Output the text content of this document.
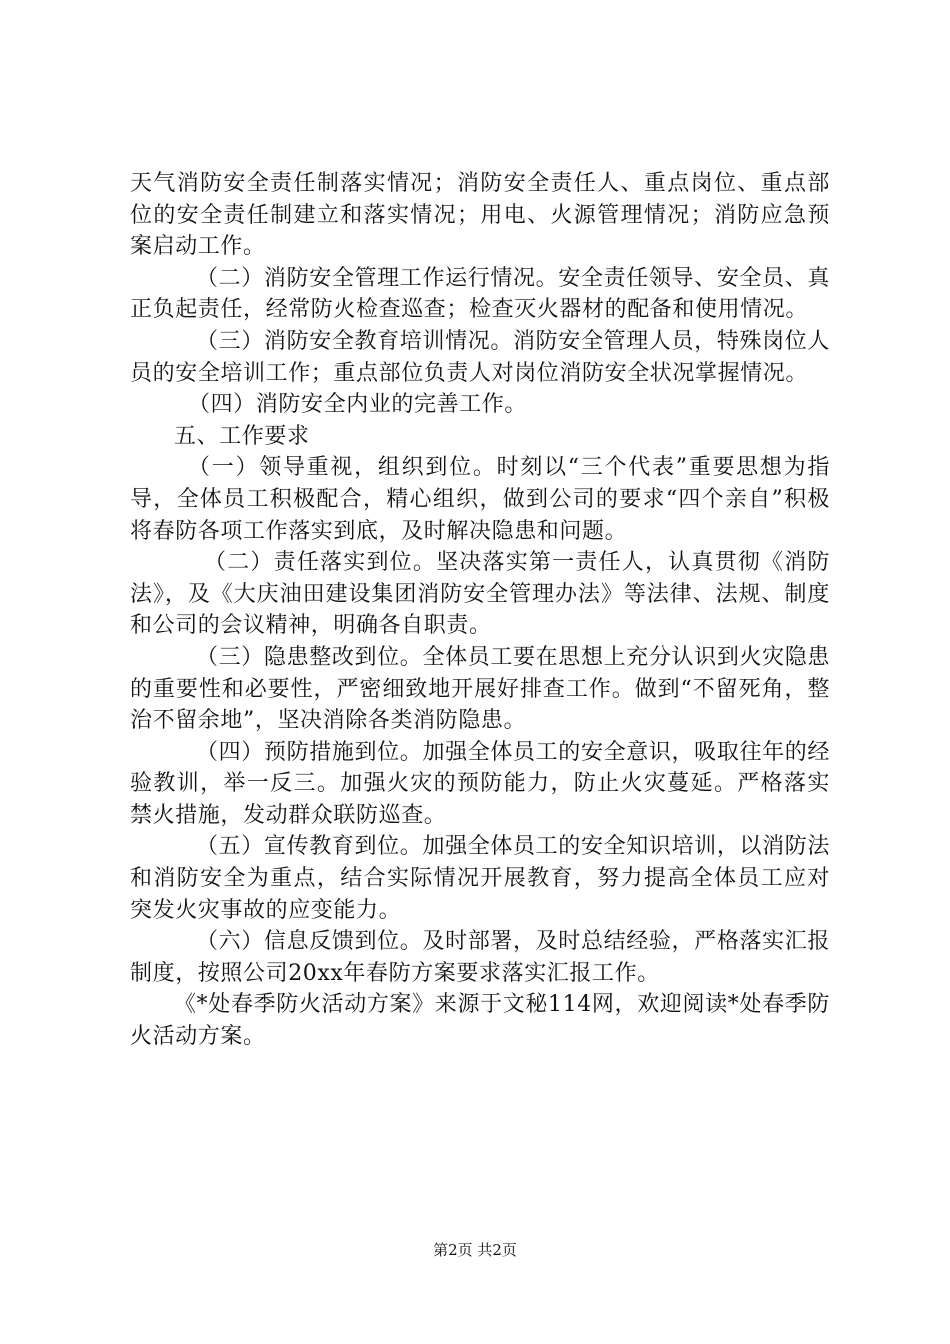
天气消防安全责任制落实情况；消防安全责任人、重点岗位、重点部位的安全责任制建立和落实情况；用电、火源管理情况；消防应急预案启动工作。

（二）消防安全管理工作运行情况。安全责任领导、安全员、真正负起责任，经常防火检查巡查；检查灭火器材的配备和使用情况。

（三）消防安全教育培训情况。消防安全管理人员，特殊岗位人员的安全培训工作；重点部位负责人对岗位消防安全状况掌握情况。

（四）消防安全内业的完善工作。

五、工作要求

（一）领导重视，组织到位。时刻以“三个代表”重要思想为指导，全体员工积极配合，精心组织，做到公司的要求“四个亲自”积极将春防各项工作落实到底，及时解决隐患和问题。

（二）责任落实到位。坚决落实第一责任人，认真贯彻《消防法》，及《大庆油田建设集团消防安全管理办法》等法律、法规、制度和公司的会议精神，明确各自职责。

（三）隐患整改到位。全体员工要在思想上充分认识到火灾隐患的重要性和必要性，严密细致地开展好排查工作。做到“不留死角，整治不留余地”，坚决消除各类消防隐患。

（四）预防措施到位。加强全体员工的安全意识，吸取往年的经验教训，举一反三。加强火灾的预防能力，防止火灾蔓延。严格落实禁火措施，发动群众联防巡查。

（五）宣传教育到位。加强全体员工的安全知识培训，以消防法和消防安全为重点，结合实际情况开展教育，努力提高全体员工应对突发火灾事故的应变能力。

（六）信息反馈到位。及时部署，及时总结经验，严格落实汇报制度，按照公司20xx年春防方案要求落实汇报工作。

《*处春季防火活动方案》来源于文秘114网，欢迎阅读*处春季防火活动方案。

第2页 共2页
